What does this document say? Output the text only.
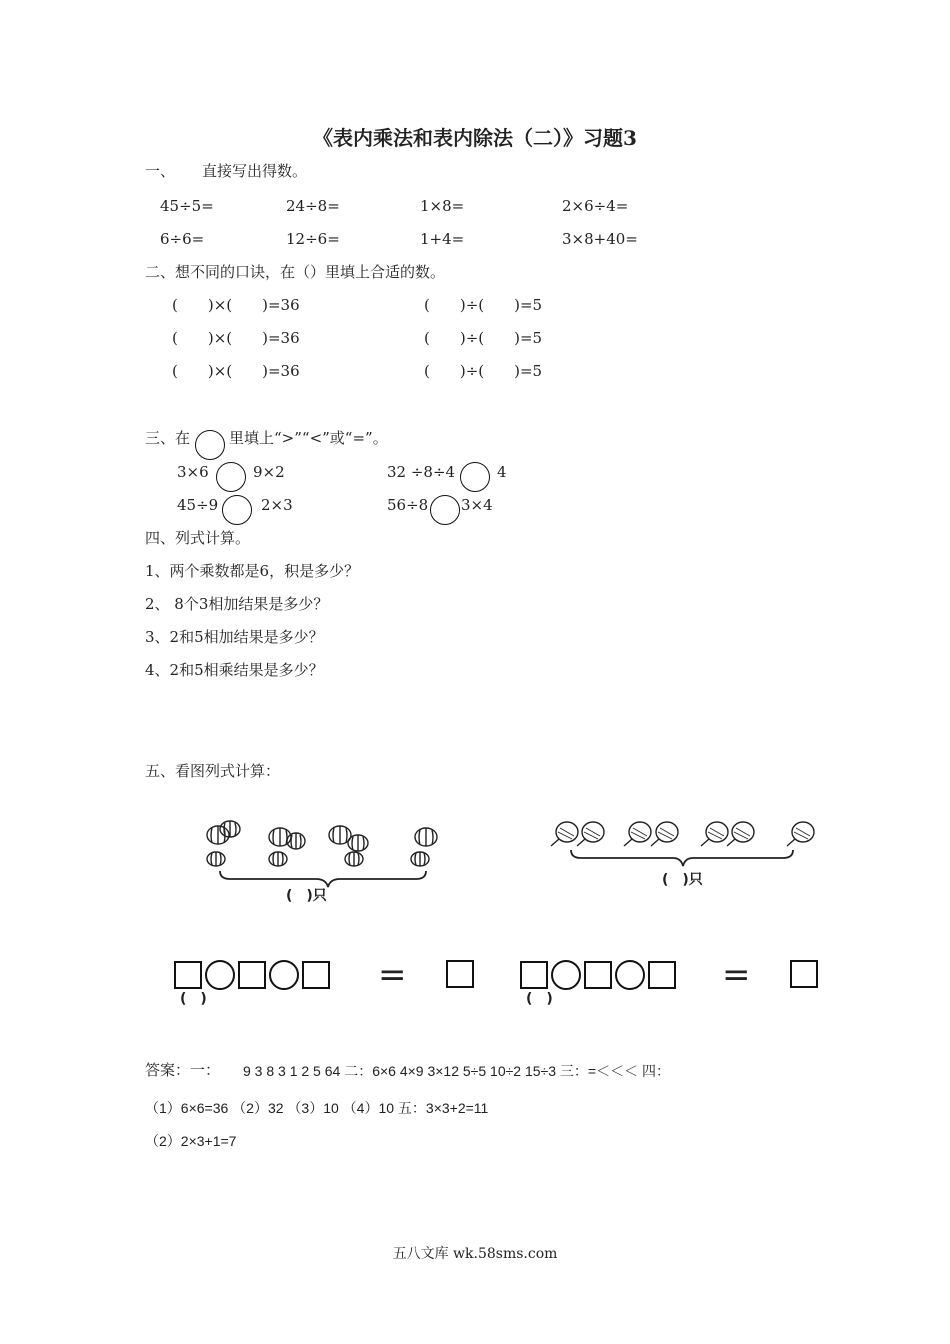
《表内乘法和表内除法（二）》习题3
一、 直接写出得数。
45÷5=	24÷8=	1×8=	2×6÷4=
6÷6=	12÷6=	1+4=	3×8+40=
二、想不同的口诀，在（）里填上合适的数。
(　　)×(　　)=36
(　　)×(　　)=36
(　　)×(　　)=36
(　　)÷(　　)=5
(　　)÷(　　)=5
(　　)÷(　　)=5
三、在	里填上“>”“<”或“=”。
3×6	9×2	32 ÷8÷4	4
45÷9	2×3	56÷8 3×4
四、列式计算。
1、两个乘数都是6，积是多少？
2、 8个3相加结果是多少？
3、2和5相加结果是多少？
4、2和5相乘结果是多少？
五、看图列式计算：
(　)只
(　)只
=
(　)
=
(　)
答案：一： 9 3 8 3 1 2 5 64 二：6×6 4×9 3×12 5÷5 10÷2 15÷3 三：=＜＜＜ 四：
（1）6×6=36 （2）32 （3）10 （4）10 五：3×3+2=11
（2）2×3+1=7
五八文库 wk.58sms.com
